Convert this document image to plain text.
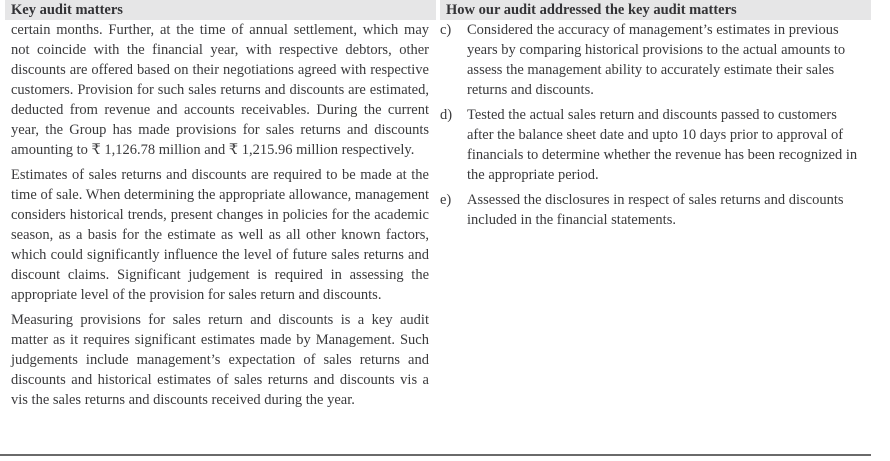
Key audit matters	How our audit addressed the key audit matters

certain months. Further, at the time of annual settlement, which may not coincide with the financial year, with respective debtors, other discounts are offered based on their negotiations agreed with respective customers. Provision for such sales returns and discounts are estimated, deducted from revenue and accounts receivables. During the current year, the Group has made provisions for sales returns and discounts amounting to ₹ 1,126.78 million and ₹ 1,215.96 million respectively.

Estimates of sales returns and discounts are required to be made at the time of sale. When determining the appropriate allowance, management considers historical trends, present changes in policies for the academic season, as a basis for the estimate as well as all other known factors, which could significantly influence the level of future sales returns and discount claims. Significant judgement is required in assessing the appropriate level of the provision for sales return and discounts.

Measuring provisions for sales return and discounts is a key audit matter as it requires significant estimates made by Management. Such judgements include management’s expectation of sales returns and discounts and historical estimates of sales returns and discounts vis a vis the sales returns and discounts received during the year.

c)	Considered the accuracy of management’s estimates in previous years by comparing historical provisions to the actual amounts to assess the management ability to accurately estimate their sales returns and discounts.
d)	Tested the actual sales return and discounts passed to customers after the balance sheet date and upto 10 days prior to approval of financials to determine whether the revenue has been recognized in the appropriate period.
e)	Assessed the disclosures in respect of sales returns and discounts included in the financial statements.
